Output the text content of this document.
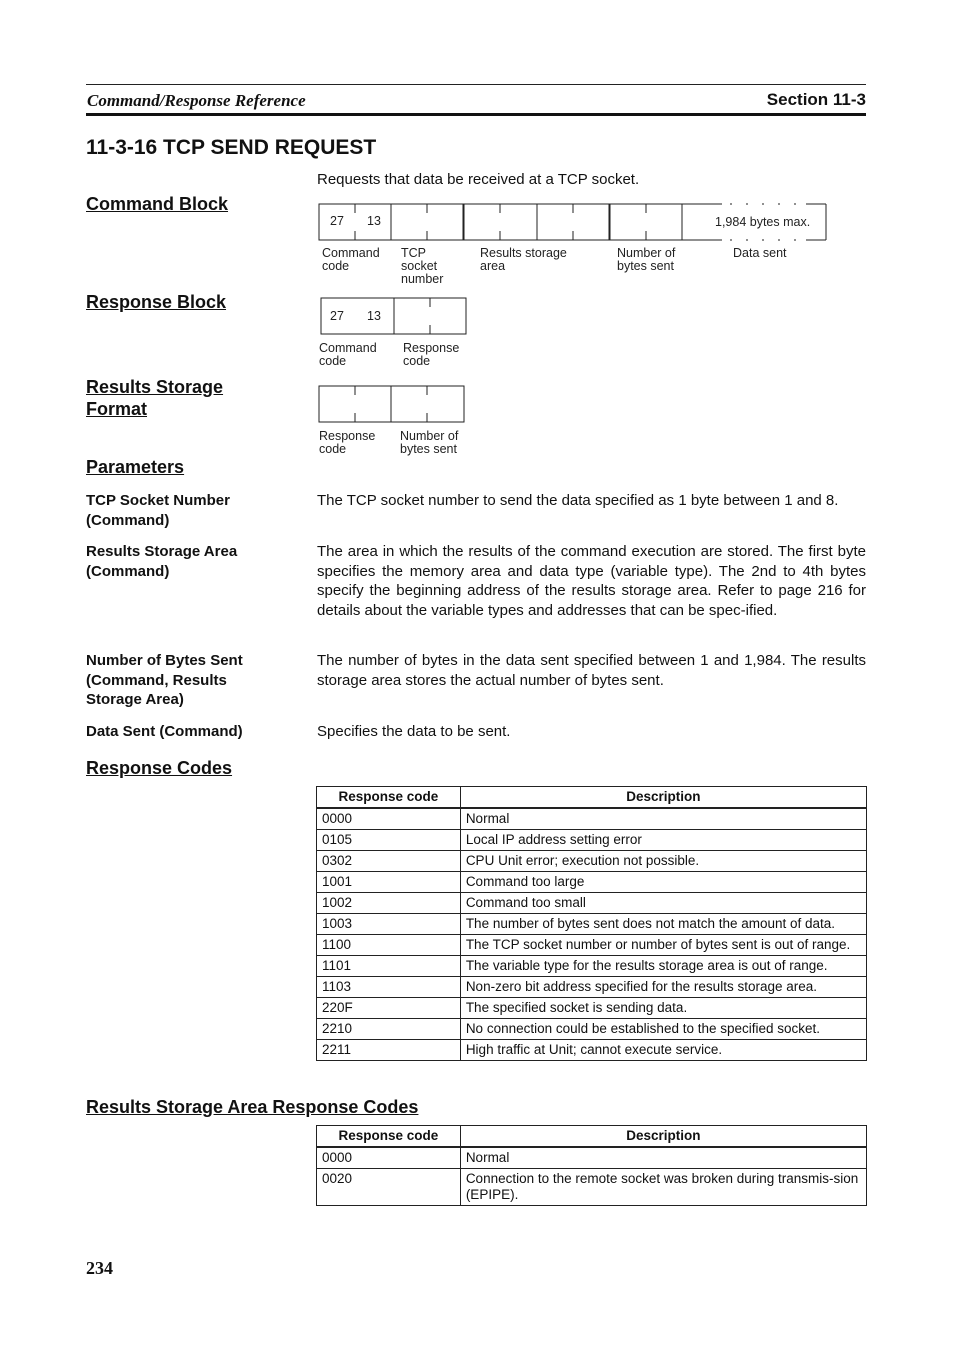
Command/Response Reference	Section 11-3
11-3-16 TCP SEND REQUEST
Requests that data be received at a TCP socket.
Command Block
Response Block
Results Storage
Format
Parameters
27 13	1,984 bytes max.
Command
code
TCP
socket
number
Results storage
area
Number of
bytes sent
Data sent
27 13
Command
code
Response
code
Response
code
Number of
bytes sent
TCP Socket Number (Command)
The TCP socket number to send the data specified as 1 byte between 1 and 8.
Results Storage Area (Command)
The area in which the results of the command execution are stored. The first byte specifies the memory area and data type (variable type). The 2nd to 4th bytes specify the beginning address of the results storage area. Refer to page 216 for details about the variable types and addresses that can be spec-ified.
Number of Bytes Sent (Command, Results Storage Area)
The number of bytes in the data sent specified between 1 and 1,984. The results storage area stores the actual number of bytes sent.
Data Sent (Command)	Specifies the data to be sent.
Response Codes
Response code	Description
0000	Normal
0105	Local IP address setting error
0302	CPU Unit error; execution not possible.
1001	Command too large
1002	Command too small
1003	The number of bytes sent does not match the amount of data.
1100	The TCP socket number or number of bytes sent is out of range.
1101	The variable type for the results storage area is out of range.
1103	Non-zero bit address specified for the results storage area.
220F	The specified socket is sending data.
2210	No connection could be established to the specified socket.
2211	High traffic at Unit; cannot execute service.
Results Storage Area Response Codes
Response code	Description
0000	Normal
0020	Connection to the remote socket was broken during transmis-sion (EPIPE).
234
